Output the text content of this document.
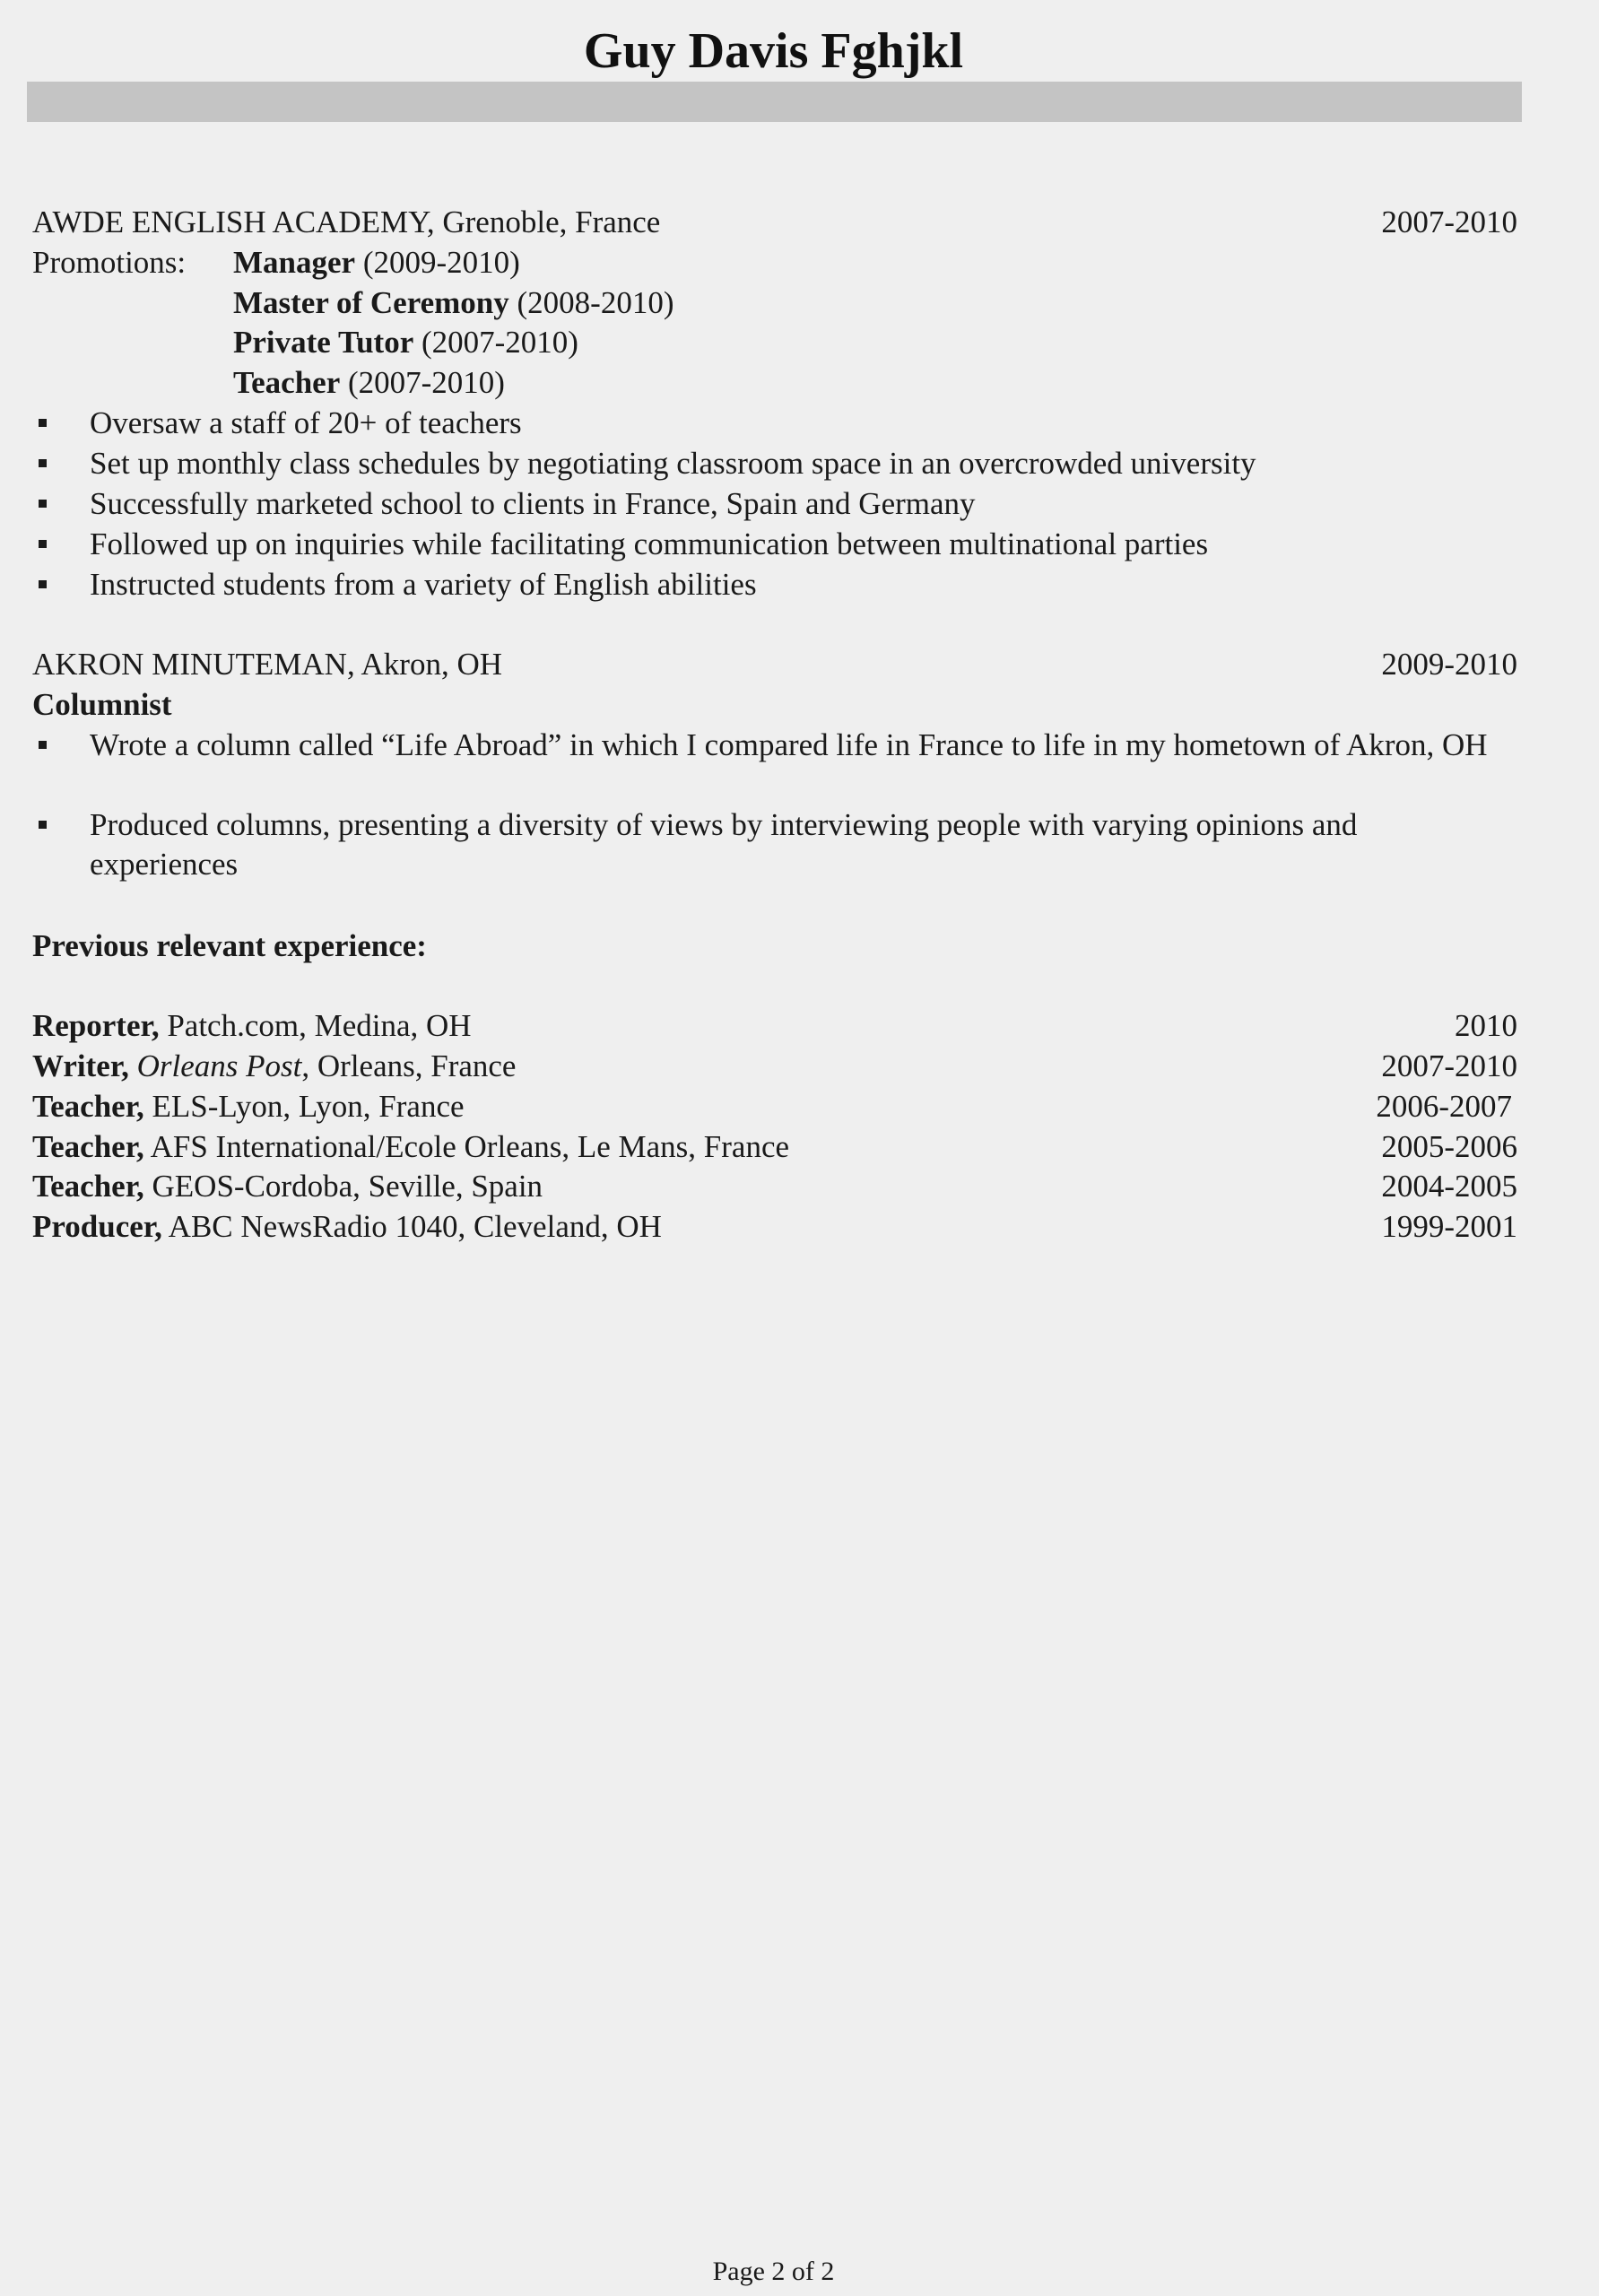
Guy Davis Fghjkl
AWDE ENGLISH ACADEMY, Grenoble, France	2007-2010
Promotions:	Manager (2009-2010)
Master of Ceremony (2008-2010)
Private Tutor (2007-2010)
Teacher (2007-2010)
Oversaw a staff of 20+ of teachers
Set up monthly class schedules by negotiating classroom space in an overcrowded university
Successfully marketed school to clients in France, Spain and Germany
Followed up on inquiries while facilitating communication between multinational parties
Instructed students from a variety of English abilities
AKRON MINUTEMAN, Akron, OH	2009-2010
Columnist
Wrote a column called “Life Abroad” in which I compared life in France to life in my hometown of Akron, OH
Produced columns, presenting a diversity of views by interviewing people with varying opinions and experiences
Previous relevant experience:
Reporter, Patch.com, Medina, OH	2010
Writer, Orleans Post, Orleans, France	2007-2010
Teacher, ELS-Lyon, Lyon, France	2006-2007
Teacher, AFS International/Ecole Orleans, Le Mans, France	2005-2006
Teacher, GEOS-Cordoba, Seville, Spain	2004-2005
Producer, ABC NewsRadio 1040, Cleveland, OH	1999-2001
Page 2 of 2
